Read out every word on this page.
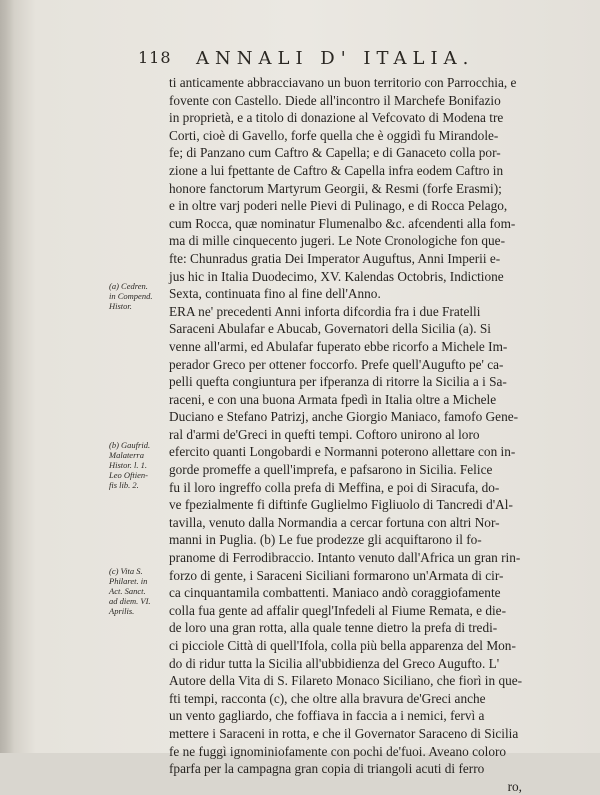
118 ANNALI D' ITALIA.
ti anticamente abbracciavano un buon territorio con Parrocchia, e
fovente con Castello. Diede all'incontro il Marchefe Bonifazio
in proprietà, e a titolo di donazione al Vefcovato di Modena tre
Corti, cioè di Gavello, forfe quella che è oggidì fu Mirandole-
fe; di Panzano cum Caftro & Capella; e di Ganaceto colla por-
zione a lui fpettante de Caftro & Capella infra eodem Caftro in
honore fanctorum Martyrum Georgii, & Resmi (forfe Erasmi);
e in oltre varj poderi nelle Pievi di Pulinago, e di Rocca Pelago,
cum Rocca, quæ nominatur Flumenalbo &c. afcendenti alla fom-
ma di mille cinquecento jugeri. Le Note Cronologiche fon que-
fte: Chunradus gratia Dei Imperator Auguftus, Anni Imperii e-
jus hic in Italia Duodecimo, XV. Kalendas Octobris, Indictione
Sexta, continuata fino al fine dell'Anno.
ERA ne' precedenti Anni inforta difcordia fra i due Fratelli
Saraceni Abulafar e Abucab, Governatori della Sicilia (a). Si
venne all'armi, ed Abulafar fuperato ebbe ricorfo a Michele Im-
perador Greco per ottener foccorfo. Prefe quell'Augufto pe' ca-
pelli quefta congiuntura per ifperanza di ritorre la Sicilia a i Sa-
raceni, e con una buona Armata fpedì in Italia oltre a Michele
Duciano e Stefano Patrizj, anche Giorgio Maniaco, famofo Gene-
ral d'armi de'Greci in quefti tempi. Coftoro unirono al loro
efercito quanti Longobardi e Normanni poterono allettare con in-
gorde promeffe a quell'imprefa, e pafsarono in Sicilia. Felice
fu il loro ingreffo colla prefa di Meffina, e poi di Siracufa, do-
ve fpezialmente fi diftinfe Guglielmo Figliuolo di Tancredi d'Al-
tavilla, venuto dalla Normandia a cercar fortuna con altri Nor-
manni in Puglia. (b) Le fue prodezze gli acquiftarono il fo-
pranome di Ferrodibraccio. Intanto venuto dall'Africa un gran rin-
forzo di gente, i Saraceni Siciliani formarono un'Armata di cir-
ca cinquantamila combattenti. Maniaco andò coraggiofamente
colla fua gente ad affalir quegl'Infedeli al Fiume Remata, e die-
de loro una gran rotta, alla quale tenne dietro la prefa di tredi-
ci picciole Città di quell'Ifola, colla più bella apparenza del Mon-
do di ridur tutta la Sicilia all'ubbidienza del Greco Augufto. L'
Autore della Vita di S. Filareto Monaco Siciliano, che fiorì in que-
fti tempi, racconta (c), che oltre alla bravura de'Greci anche
un vento gagliardo, che foffiava in faccia a i nemici, fervì a
mettere i Saraceni in rotta, e che il Governator Saraceno di Sicilia
fe ne fuggì ignominiofamente con pochi de'fuoi. Aveano coloro
fparfa per la campagna gran copia di triangoli acuti di ferro
ro,
(a) Cedren.
in Compend.
Histor.
(b) Gaufrid.
Malaterra
Histor. l. 1.
Leo Oftien-
fis lib. 2.
(c) Vita S.
Philaret. in
Act. Sanct.
ad diem. VI.
Aprilis.
